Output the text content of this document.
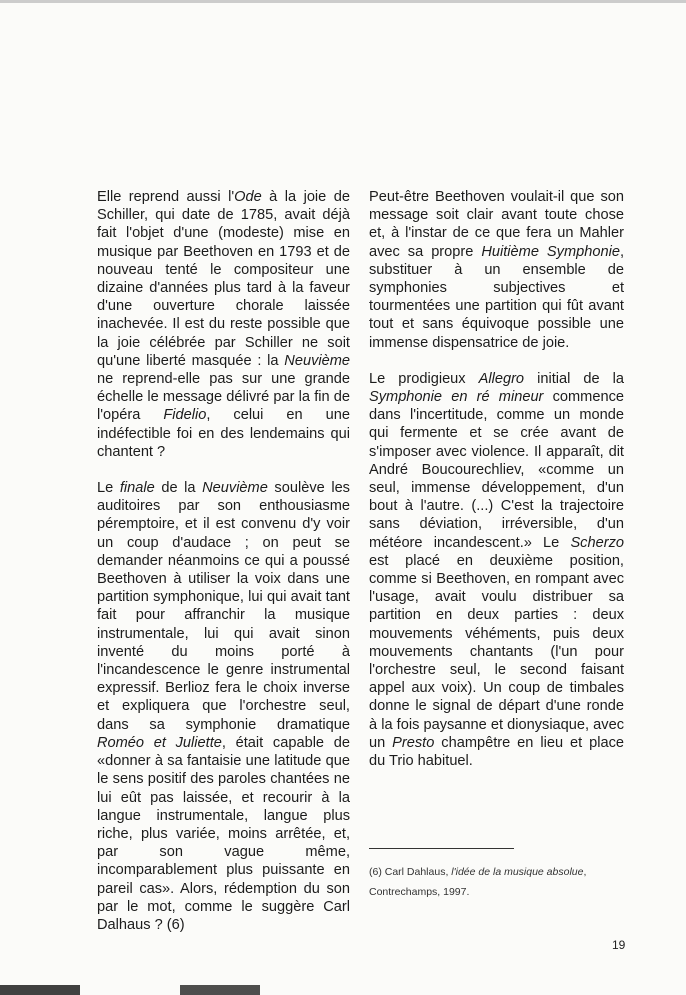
Elle reprend aussi l'Ode à la joie de Schiller, qui date de 1785, avait déjà fait l'objet d'une (modeste) mise en musique par Beethoven en 1793 et de nouveau tenté le compositeur une dizaine d'années plus tard à la faveur d'une ouverture chorale laissée inachevée. Il est du reste possible que la joie célébrée par Schiller ne soit qu'une liberté masquée : la Neuvième ne reprend-elle pas sur une grande échelle le message délivré par la fin de l'opéra Fidelio, celui en une indéfectible foi en des lendemains qui chantent ?

Le finale de la Neuvième soulève les auditoires par son enthousiasme péremptoire, et il est convenu d'y voir un coup d'audace ; on peut se demander néanmoins ce qui a poussé Beethoven à utiliser la voix dans une partition symphonique, lui qui avait tant fait pour affranchir la musique instrumentale, lui qui avait sinon inventé du moins porté à l'incandescence le genre instrumental expressif. Berlioz fera le choix inverse et expliquera que l'orchestre seul, dans sa symphonie dramatique Roméo et Juliette, était capable de «donner à sa fantaisie une latitude que le sens positif des paroles chantées ne lui eût pas laissée, et recourir à la langue instrumentale, langue plus riche, plus variée, moins arrêtée, et, par son vague même, incomparablement plus puissante en pareil cas». Alors, rédemption du son par le mot, comme le suggère Carl Dalhaus ? (6)

Peut-être Beethoven voulait-il que son message soit clair avant toute chose et, à l'instar de ce que fera un Mahler avec sa propre Huitième Symphonie, substituer à un ensemble de symphonies subjectives et tourmentées une partition qui fût avant tout et sans équivoque possible une immense dispensatrice de joie.

Le prodigieux Allegro initial de la Symphonie en ré mineur commence dans l'incertitude, comme un monde qui fermente et se crée avant de s'imposer avec violence. Il apparaît, dit André Boucourechliev, «comme un seul, immense développement, d'un bout à l'autre. (...) C'est la trajectoire sans déviation, irréversible, d'un météore incandescent.» Le Scherzo est placé en deuxième position, comme si Beethoven, en rompant avec l'usage, avait voulu distribuer sa partition en deux parties : deux mouvements véhéments, puis deux mouvements chantants (l'un pour l'orchestre seul, le second faisant appel aux voix). Un coup de timbales donne le signal de départ d'une ronde à la fois paysanne et dionysiaque, avec un Presto champêtre en lieu et place du Trio habituel.

(6) Carl Dahlaus, l'idée de la musique absolue, Contrechamps, 1997.
19
